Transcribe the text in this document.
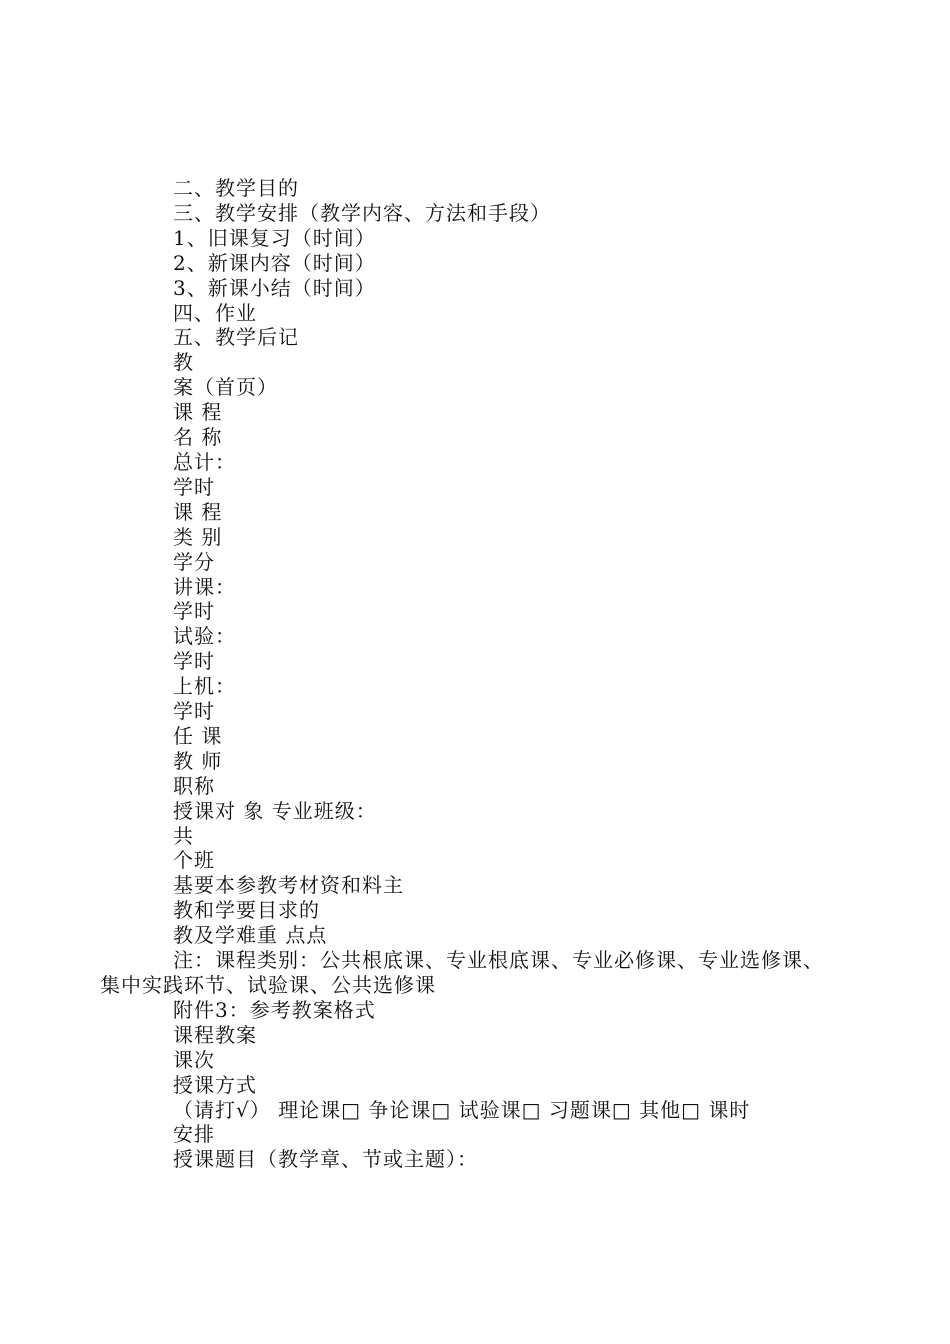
二、教学目的
三、教学安排（教学内容、方法和手段）
1、旧课复习（时间）
2、新课内容（时间）
3、新课小结（时间）
四、作业
五、教学后记
教
案（首页）
课 程
名 称
总计：
学时
课 程
类 别
学分
讲课：
学时
试验：
学时
上机：
学时
任 课
教 师
职称
授课对 象 专业班级：
共
个班
基要本参教考材资和料主
教和学要目求的
教及学难重 点点
注：课程类别：公共根底课、专业根底课、专业必修课、专业选修课、集中实践环节、试验课、公共选修课
附件3：参考教案格式
课程教案
课次
授课方式
（请打√） 理论课□ 争论课□ 试验课□ 习题课□ 其他□ 课时
安排
授课题目（教学章、节或主题）：
